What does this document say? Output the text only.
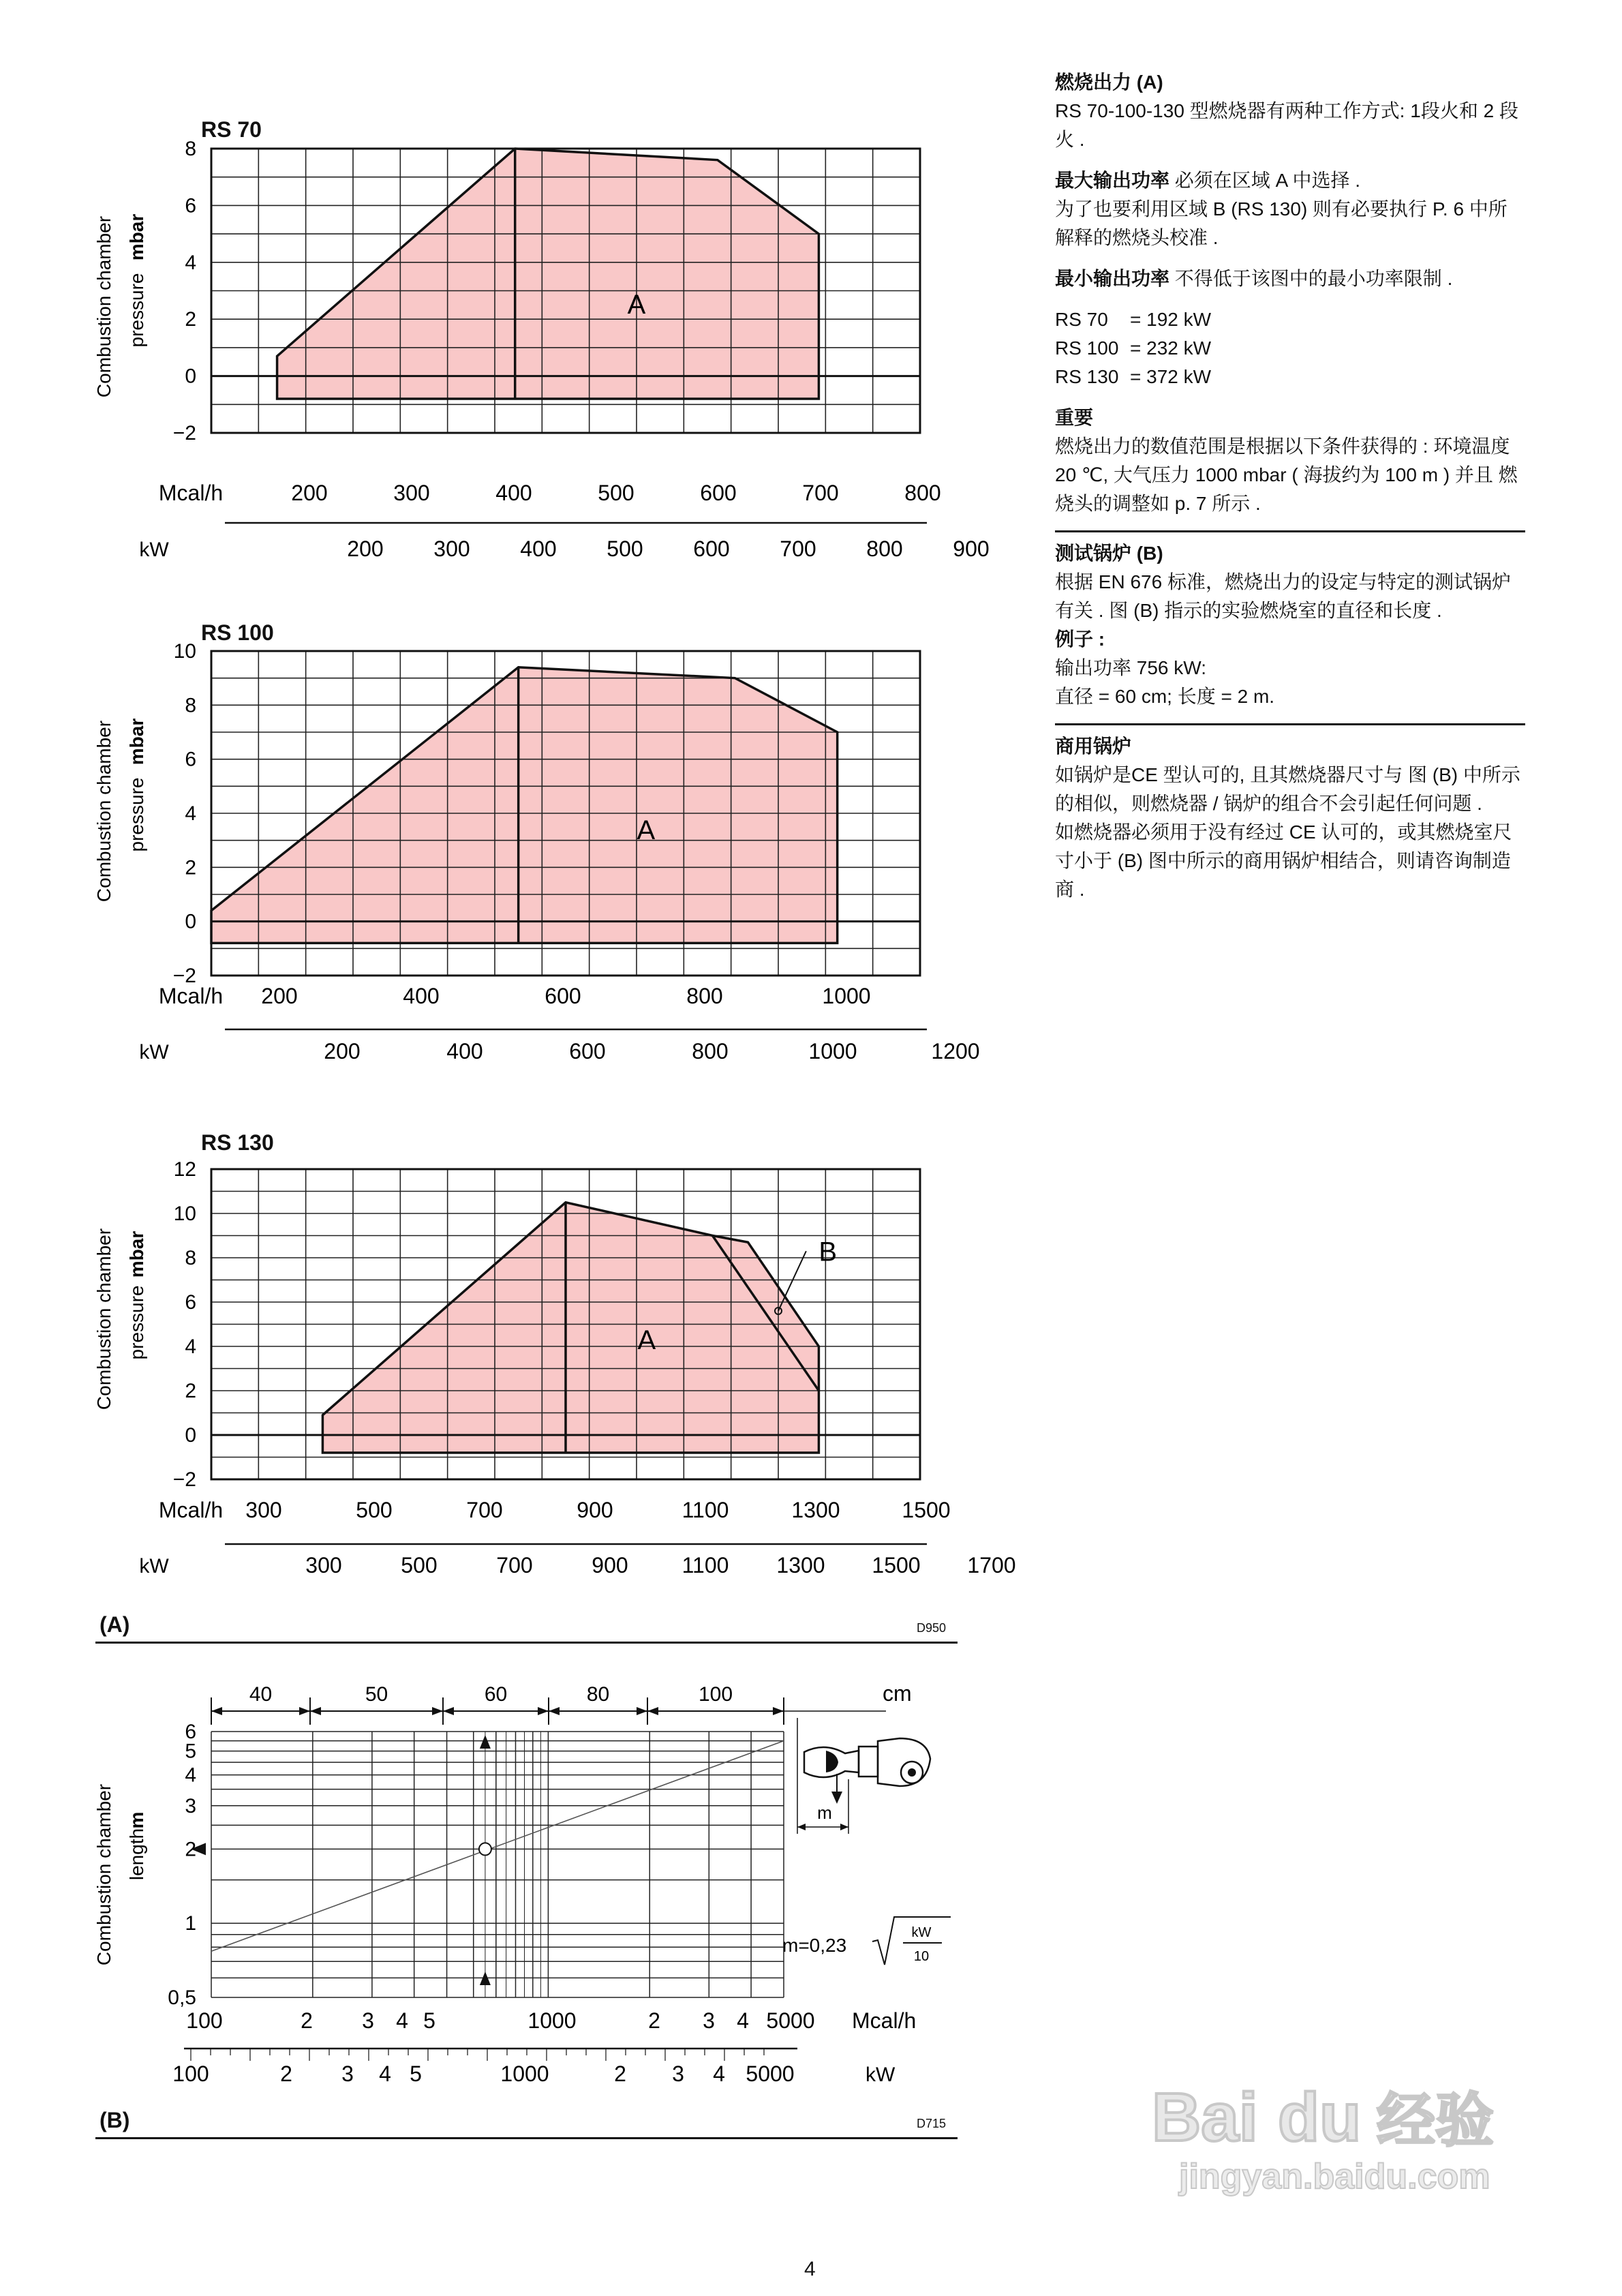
RS 70
Combustion chamber pressure
mbar
A
8
6
4
2
0
−2
200	300	400	500	600	700	800
200 300 400 500 600 700 800 900
Mcal/h
kW
RS 100
Combustion chamber pressure
mbar
A
10
8
6
4
2
0
−2
200	400	600	800	1000
200	400	600	800	1000	1200
Mcal/h
kW
RS 130
Combustion chamber pressure
mbar	B
A
12
10
8
6
4
2
0
−2
300	500	700	900	1100	1300	1500
300	500	700	900 1100 1300 1500 1700
Mcal/h
kW
(A)	D950
Combustion chamber length
m
6
5
4
3
2
1
0,5
40	50	60	80	100
100	2 3 4 5	1000	2 3 4 5000
100	2 3 4 5	1000	2 3 4 5000
cm
Mcal/h
kW
m=0,23
kW
10
m
(B)	D715

燃烧出力 (A)

RS 70-100-130 型燃烧器有两种工作方式: 1段火和 2 段火 .

最大输出功率 必须在区域 A 中选择 .

为了也要利用区域 B (RS 130) 则有必要执行 P. 6 中所解释的燃烧头校准 .

最小输出功率 不得低于该图中的最小功率限制 .

RS 70 = 192 kW

RS 100 = 232 kW

RS 130 = 372 kW

重要

燃烧出力的数值范围是根据以下条件获得的 : 环境温度 20 ℃, 大气压力 1000 mbar ( 海拔约为 100 m ) 并且 燃烧头的调整如 p. 7 所示 .

测试锅炉 (B)

根据 EN 676 标准，燃烧出力的设定与特定的测试锅炉有关 . 图 (B) 指示的实验燃烧室的直径和长度 .

例子 :

输出功率 756 kW:

直径 = 60 cm; 长度 = 2 m.

商用锅炉

如锅炉是CE 型认可的, 且其燃烧器尺寸与 图 (B) 中所示的相似，则燃烧器 / 锅炉的组合不会引起任何问题 .

如燃烧器必须用于没有经过 CE 认可的，或其燃烧室尺寸小于 (B) 图中所示的商用锅炉相结合，则请咨询制造商 .

Bai du 经验
jingyan.baidu.com
4
